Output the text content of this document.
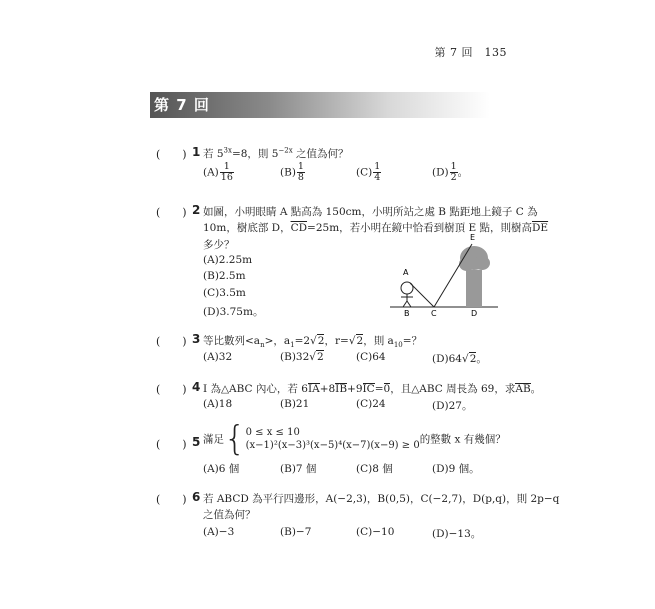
第 7 回　135
第 7 回
(　　) 1 若 $5^{3x}=8$，則 $5^{-2x}$ 之值為何？
$(A) \frac{1}{16}$	$(B) \frac{1}{8}$	$(C) \frac{1}{4}$	$(D) \frac{1}{2}$ 。
(　　) 2 如圖，小明眼睛 A 點高為 150cm，小明所站之處 B 點距地上鏡子 C 為
10m，樹底部 D，$\overline{CD}=25m$，若小明在鏡中恰看到樹頂 E 點，則樹高$\overline{DE}$
多少？
(A)2.25m
(B)2.5m
(C)3.5m
(D)3.75m。
A
B	C	D
E
(　　) 3 等比數列$<a_n>$，$a_1=2√2$，r=√2，則 $a_{10}=$？
(A)32	(B)32√2	(C)64	(D)64√2。
(　　) 4 I 為△ABC 內心，若 6IA+8IB+9IC=0，且△ABC 周長為 69，求AB。
(A)18	(B)21	(C)24	(D)27。
(　　) 5 滿足{ 0 ≤ x ≤ 10
(x−1)²(x−3)³(x−5)⁴(x−7)(x−9) ≥ 0 的整數 x 有幾個？
(A)6 個	(B)7 個	(C)8 個	(D)9 個。
(　　) 6 若 ABCD 為平行四邊形，A(−2,3)，B(0,5)，C(−2,7)，D(p,q)，則 2p−q
之值為何？
(A)−3	(B)−7	(C)−10	(D)−13。
